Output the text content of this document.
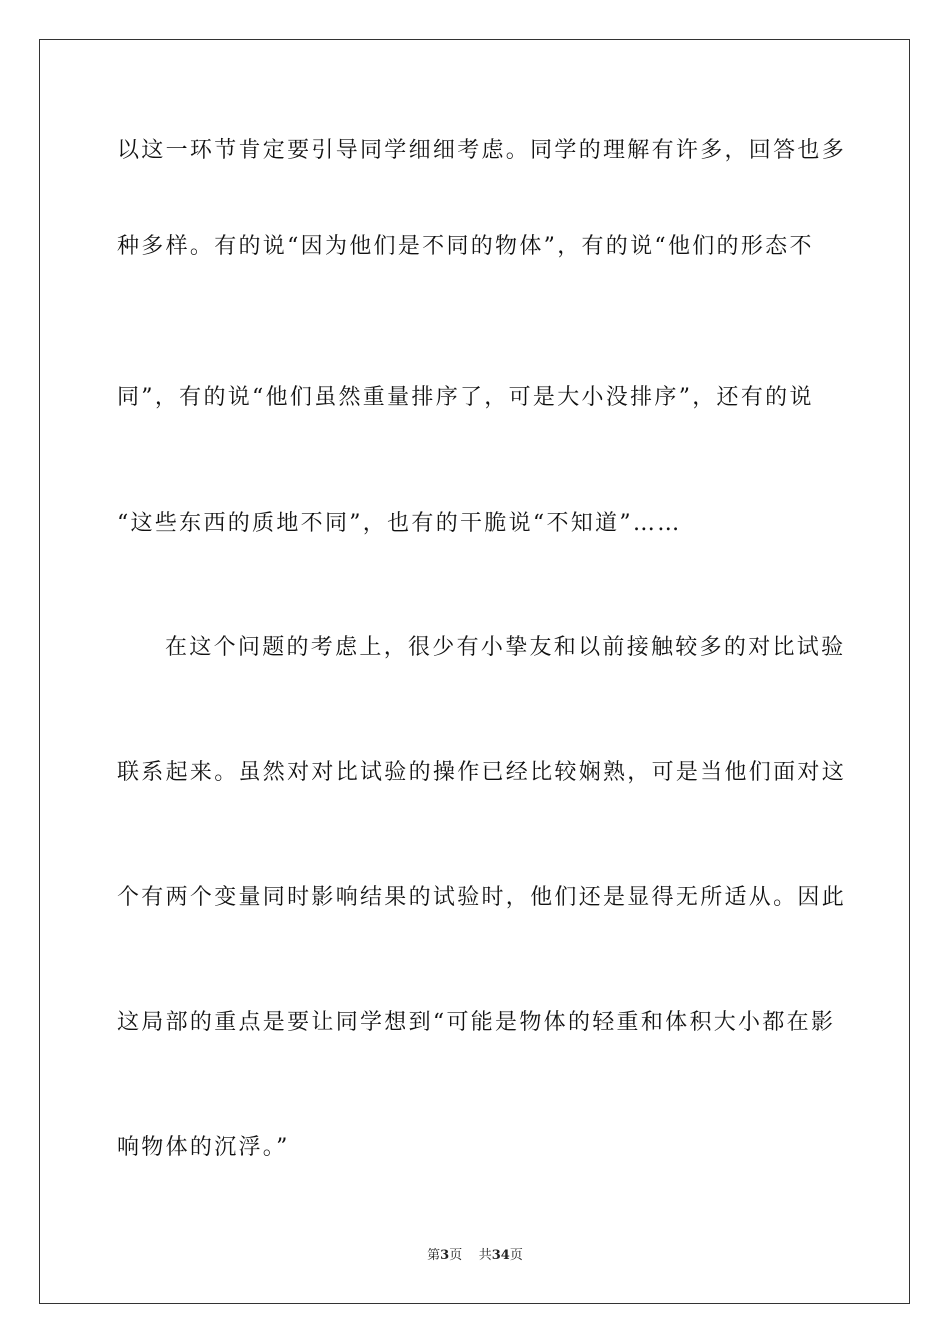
以这一环节肯定要引导同学细细考虑。同学的理解有许多，回答也多
种多样。有的说“因为他们是不同的物体”，有的说“他们的形态不
同”，有的说“他们虽然重量排序了，可是大小没排序”，还有的说
“这些东西的质地不同”，也有的干脆说“不知道”……
在这个问题的考虑上，很少有小挚友和以前接触较多的对比试验
联系起来。虽然对对比试验的操作已经比较娴熟，可是当他们面对这
个有两个变量同时影响结果的试验时，他们还是显得无所适从。因此
这局部的重点是要让同学想到“可能是物体的轻重和体积大小都在影
响物体的沉浮。”
第3页 共34页
